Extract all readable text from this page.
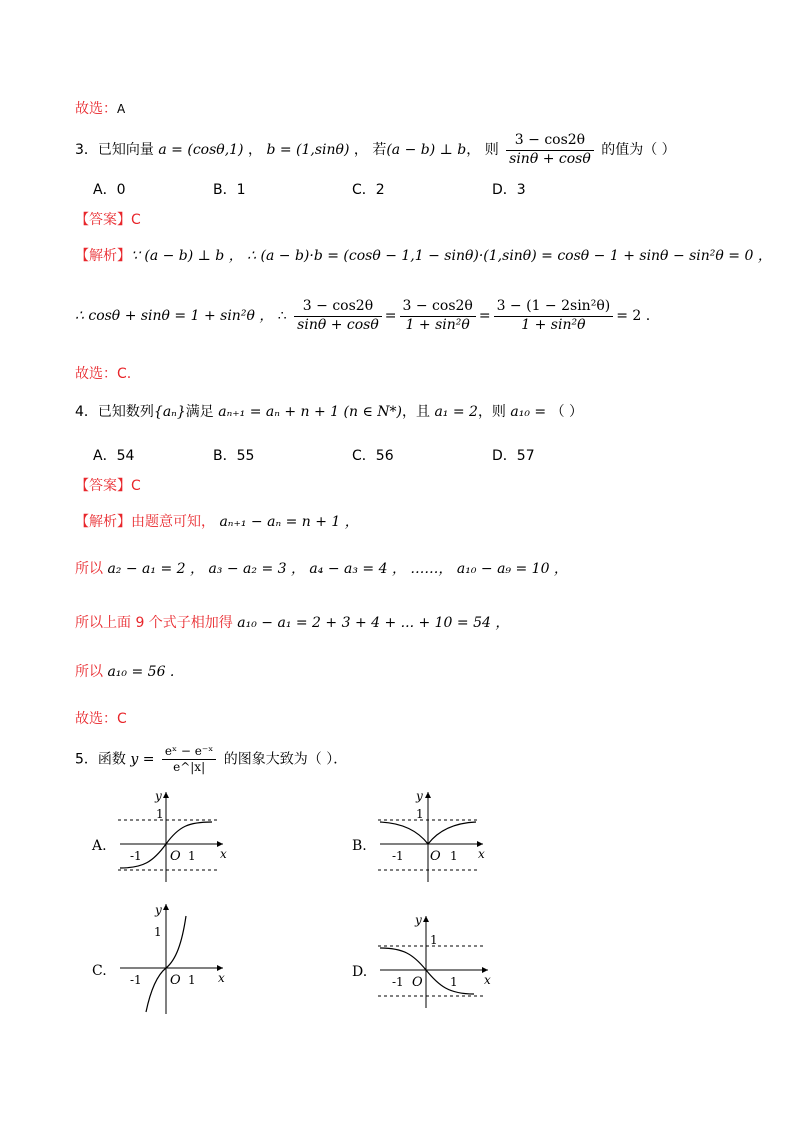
故选：A
3．已知向量 a = (cosθ,1) ， b = (1,sinθ) ， 若(a − b) ⊥ b， 则 $\frac{3 - \cos 2\theta}{\sin\theta + \cos\theta}$ 的值为（ ）
A．0	B．1	C．2	D．3
【答案】C
【解析】∵ (a − b) ⊥ b ， ∴ (a − b)·b = (cosθ − 1,1 − sinθ)·(1,sinθ) = cosθ − 1 + sinθ − sin²θ = 0 ，
∴ cosθ + sinθ = 1 + sin²θ ， ∴ $\frac{3 - \cos 2\theta}{\sin\theta + \cos\theta} = \frac{3 - \cos 2\theta}{\text{1 + sin²θ}} = \frac{\text{3 − (1 − 2sin²θ)}}{\text{1 + sin²θ}} = 2$ .
故选：C.
4．已知数列{aₙ}满足 aₙ₊₁ = aₙ + n + 1 (n ∈ N*)，且 a₁ = 2，则 a₁₀ = （ ）
A．54	B．55	C．56	D．57
【答案】C
【解析】由题意可知， aₙ₊₁ − aₙ = n + 1 ，
所以 a₂ − a₁ = 2 ， a₃ − a₂ = 3 ， a₄ − a₃ = 4 ， ……， a₁₀ − a₉ = 10 ，
所以上面 9 个式子相加得 a₁₀ − a₁ = 2 + 3 + 4 + ... + 10 = 54 ，
所以 a₁₀ = 56 .
故选：C
5．函数 $y = \frac{\text{eˣ − e⁻ˣ}}{e\^{}|x|}$ 的图象大致为（ ）．
A.
y
x
O
-1	1
1
B.
y
x
O
-1	1
1
C.
y
x
O
-1	1
1
D.
y
x
O
-1	1
1
